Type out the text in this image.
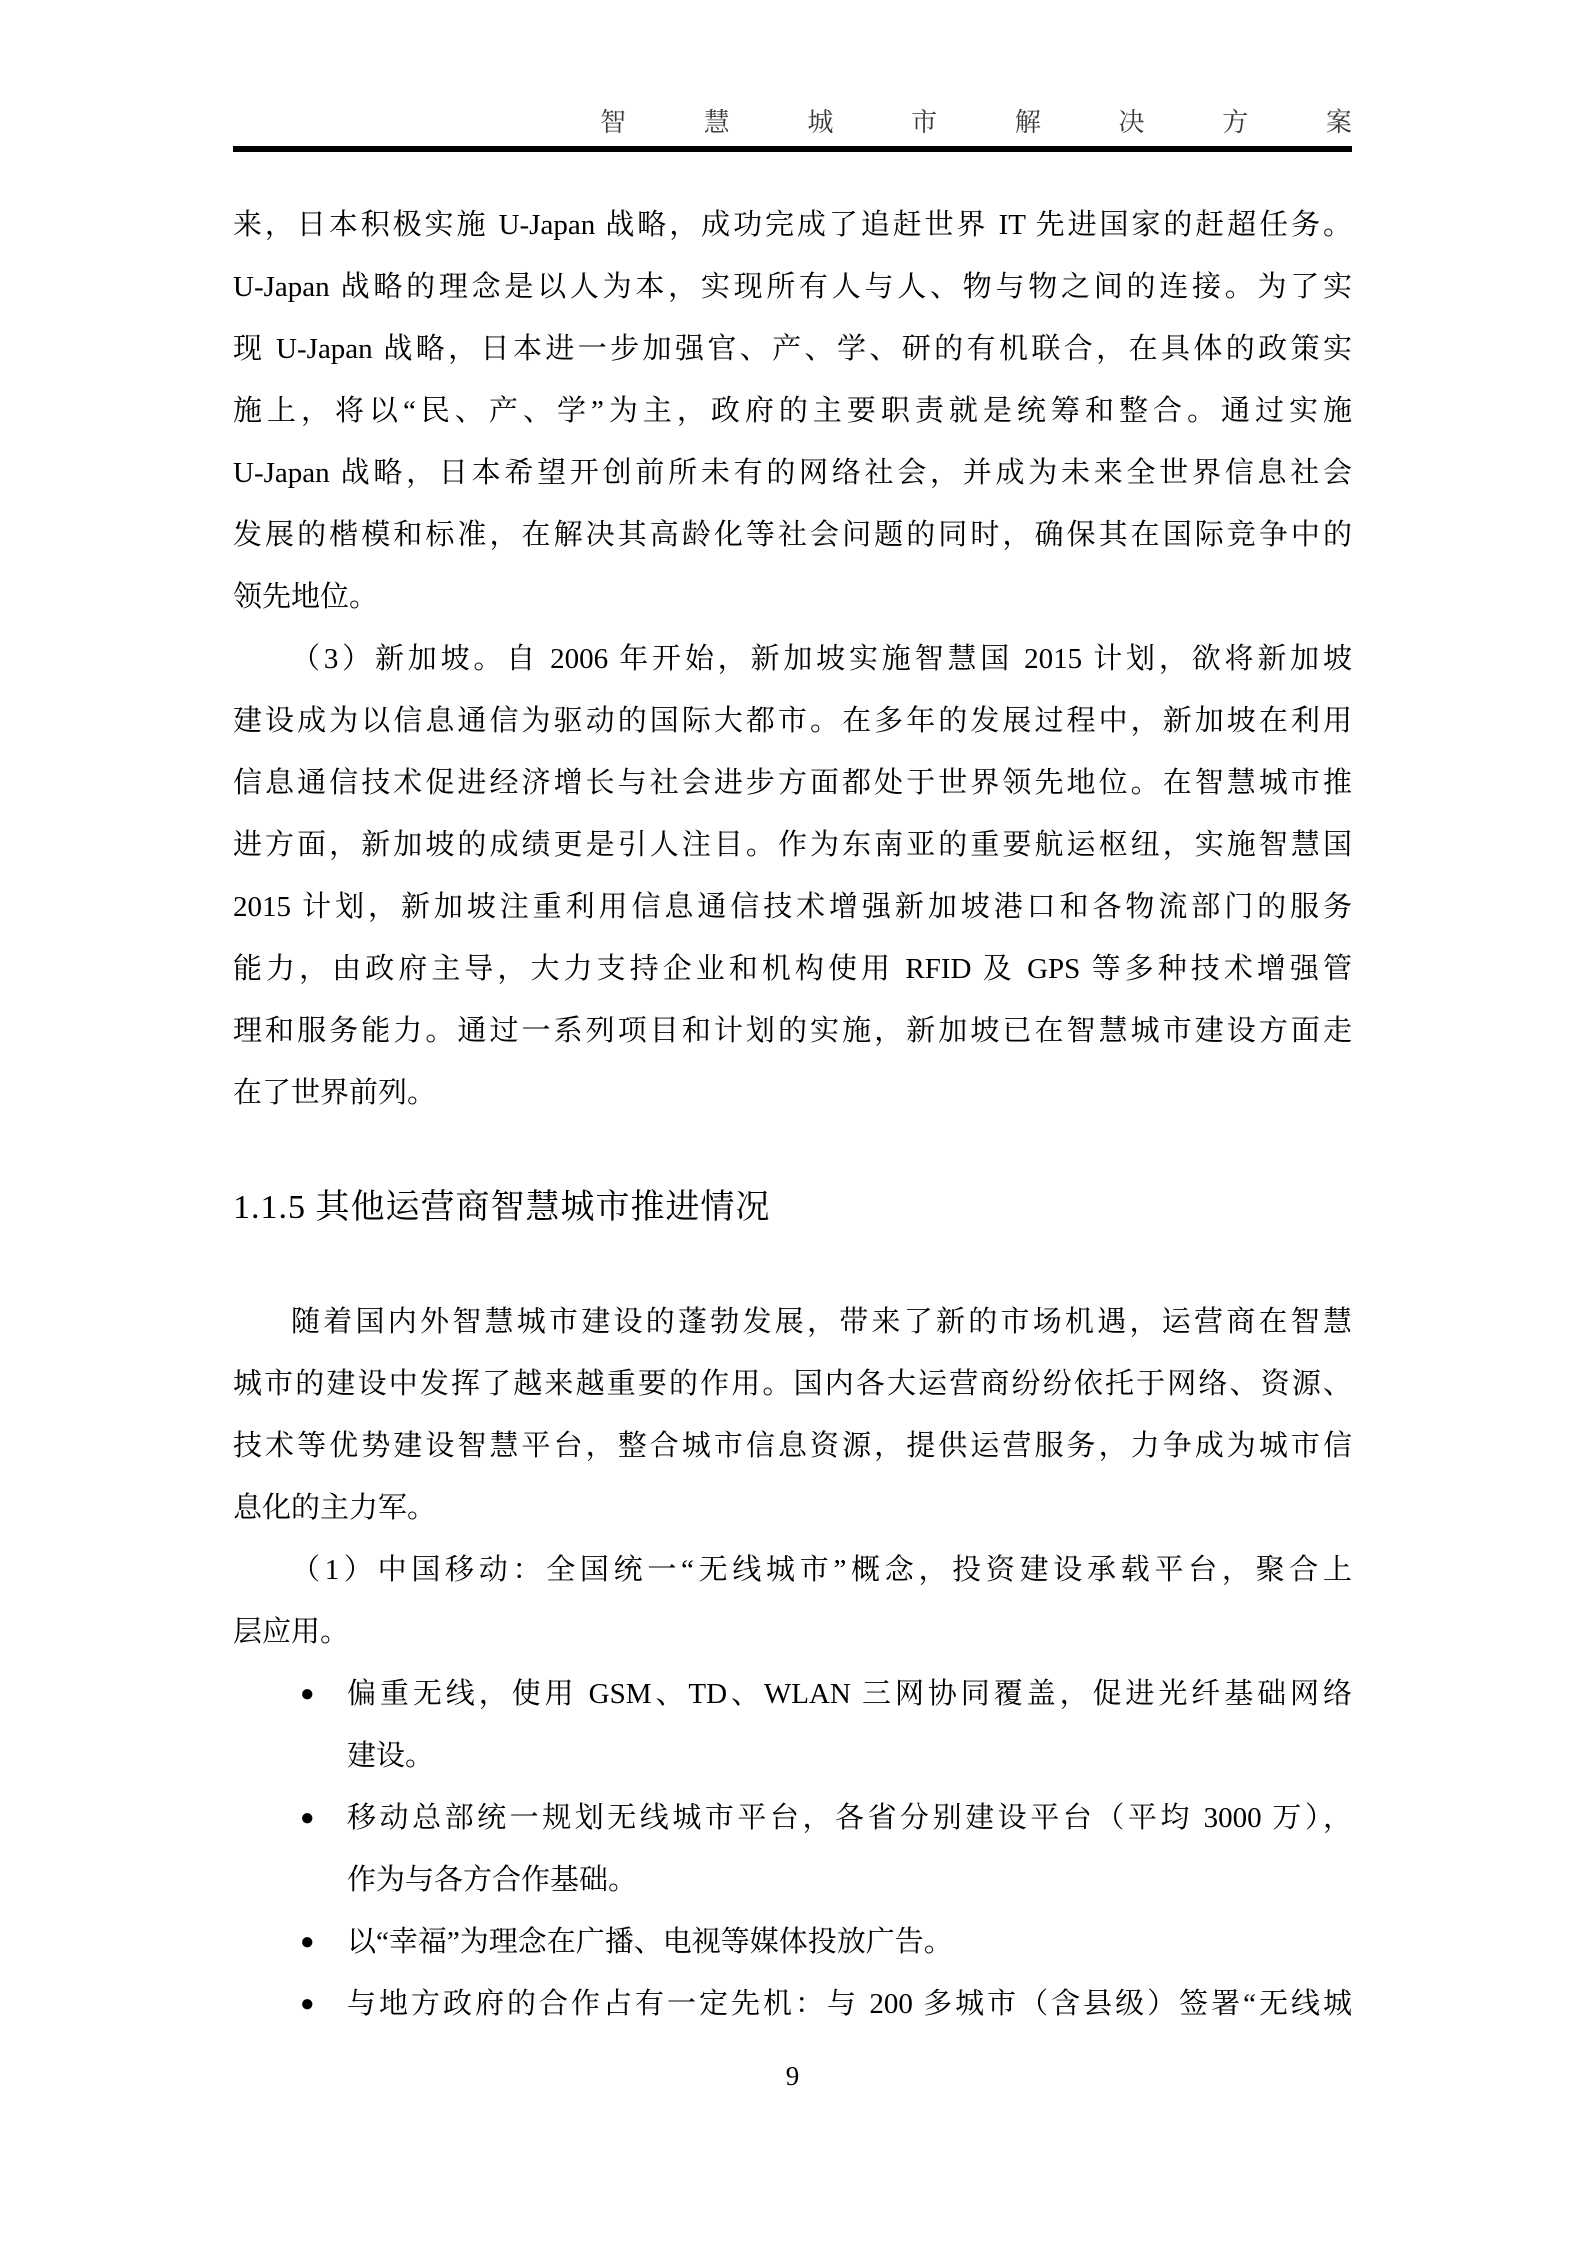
智	慧	城	市	解	决	方	案
来，日本积极实施 U-Japan 战略，成功完成了追赶世界 IT 先进国家的赶超任务。
U-Japan 战略的理念是以人为本，实现所有人与人、物与物之间的连接。为了实
现 U-Japan 战略，日本进一步加强官、产、学、研的有机联合，在具体的政策实
施上，将以“民、产、学”为主，政府的主要职责就是统筹和整合。通过实施
U-Japan 战略，日本希望开创前所未有的网络社会，并成为未来全世界信息社会
发展的楷模和标准，在解决其高龄化等社会问题的同时，确保其在国际竞争中的
领先地位。
（3）新加坡。自 2006 年开始，新加坡实施智慧国 2015 计划，欲将新加坡
建设成为以信息通信为驱动的国际大都市。在多年的发展过程中，新加坡在利用
信息通信技术促进经济增长与社会进步方面都处于世界领先地位。在智慧城市推
进方面，新加坡的成绩更是引人注目。作为东南亚的重要航运枢纽，实施智慧国
2015 计划，新加坡注重利用信息通信技术增强新加坡港口和各物流部门的服务
能力，由政府主导，大力支持企业和机构使用 RFID 及 GPS 等多种技术增强管
理和服务能力。通过一系列项目和计划的实施，新加坡已在智慧城市建设方面走
在了世界前列。
1.1.5 其他运营商智慧城市推进情况
随着国内外智慧城市建设的蓬勃发展，带来了新的市场机遇，运营商在智慧
城市的建设中发挥了越来越重要的作用。国内各大运营商纷纷依托于网络、资源、
技术等优势建设智慧平台，整合城市信息资源，提供运营服务，力争成为城市信
息化的主力军。
（1）中国移动：全国统一“无线城市”概念，投资建设承载平台，聚合上
层应用。
●	偏重无线，使用 GSM、TD、WLAN 三网协同覆盖，促进光纤基础网络
建设。
●	移动总部统一规划无线城市平台，各省分别建设平台（平均 3000 万），
作为与各方合作基础。
●	以“幸福”为理念在广播、电视等媒体投放广告。
●	与地方政府的合作占有一定先机：与 200 多城市（含县级）签署“无线城
9
